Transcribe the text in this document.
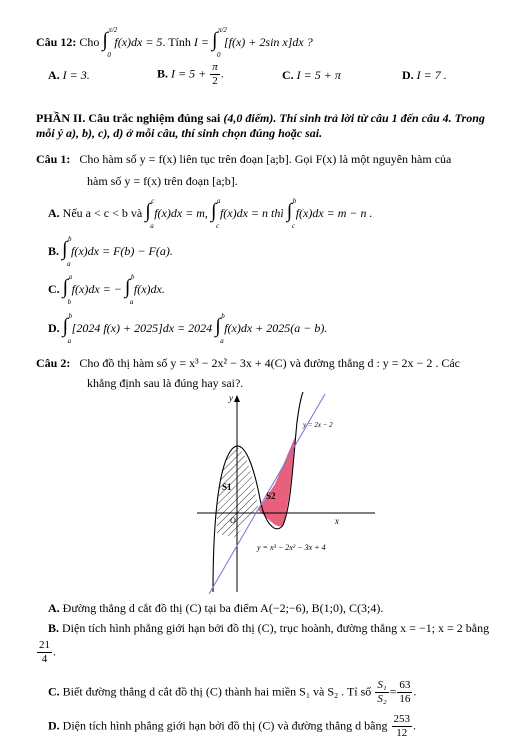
Câu 12: Cho ∫ π/2
0
f(x)dx = 5. Tính I = ∫ π/2
0
[f(x) + 2sin x]dx ?
A. I = 3.	B. $I = 5 + \frac{\pi}{2}$ .	C. I = 5 + π	D. I = 7 .
PHẦN II. Câu trắc nghiệm đúng sai (4,0 điểm). Thí sinh trả lời từ câu 1 đến câu 4. Trong
mỗi ý a), b), c), d) ở mỗi câu, thí sinh chọn đúng hoặc sai.
Câu 1: Cho hàm số y = f(x) liên tục trên đoạn [a;b]. Gọi F(x) là một nguyên hàm của
hàm số y = f(x) trên đoạn [a;b].
A. Nếu a < c < b và ∫ c
a
f(x)dx = m, ∫ a
c
f(x)dx = n thì ∫ b
c
f(x)dx = m − n .
B. ∫ b
a
f(x)dx = F(b) − F(a).
C. ∫ a
b
f(x)dx = − ∫ b
a
f(x)dx.
D. ∫ b
a
[2024 f(x) + 2025]dx = 2024 ∫ b
a
f(x)dx + 2025(a − b).
Câu 2: Cho đồ thị hàm số y = x³ − 2x² − 3x + 4(C) và đường thẳng d : y = 2x − 2 . Các
khẳng định sau là đúng hay sai?.
y
x
O
y = 2x − 2
y = x³ − 2x² − 3x + 4
S1
S2
A. Đường thẳng d cắt đồ thị (C) tại ba điểm A(−2;−6), B(1;0), C(3;4).
B. Diện tích hình phẳng giới hạn bởi đồ thị (C), trục hoành, đường thẳng x = −1; x = 2 bằng
$\frac{21}{4}$ .
C. Biết đường thẳng d cắt đồ thị (C) thành hai miền S₁ và S₂ . Tỉ số $\frac{\text{S₁}}{\text{S₂}} = \frac{63}{16}$ .
D. Diện tích hình phẳng giới hạn bởi đồ thị (C) và đường thẳng d bằng $\frac{253}{12}$ .
